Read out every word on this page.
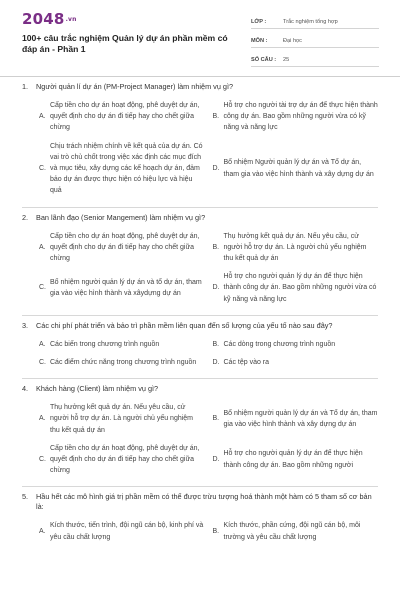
2048.vn
100+ câu trắc nghiệm Quản lý dự án phần mềm có đáp án - Phần 1
LỚP :	Trắc nghiệm tổng hợp
MÔN :	Đại học
SỐ CÂU :	25
1.	Người quản lí dự án (PM-Project Manager) làm nhiệm vụ gì?
A.
Cấp tiền cho dự án hoạt động, phê duyệt dự án, quyết định cho dự án đi tiếp hay cho chết giữa chừng
B.
Hỗ trợ cho người tài trợ dự án để thực hiện thành công dự án. Bao gồm những người vừa có kỹ năng và năng lực
C.
Chịu trách nhiệm chính về kết quả của dự án. Có vai trò chủ chốt trong việc xác định các mục đích và mục tiêu, xây dựng các kế hoạch dự án, đảm bảo dự án được thực hiện có hiệu lực và hiệu quả
D.
Bổ nhiệm Người quản lý dự án và Tổ dự án, tham gia vào việc hình thành và xây dựng dự án
2.	Ban lãnh đạo (Senior Mangement) làm nhiệm vụ gì?
A.
Cấp tiền cho dự án hoạt động, phê duyệt dự án, quyết định cho dự án đi tiếp hay cho chết giữa chừng
B.
Thụ hưởng kết quả dự án. Nếu yêu cầu, cử người hỗ trợ dự án. Là người chủ yếu nghiệm thu kết quả dự án
C.
Bổ nhiệm người quản lý dự án và tổ dự án, tham gia vào việc hình thành và xâydựng dự án
D.
Hỗ trợ cho người quản lý dự án để thực hiện thành công dự án. Bao gồm những người vừa có kỹ năng và năng lực
3.	Các chi phí phát triển và bảo trì phần mềm liên quan đến số lượng của yếu tố nào sau đây?
A. Các biến trong chương trình nguồn	B. Các dòng trong chương trình nguồn
C. Các điểm chức năng trong chương trình nguồn	D. Các tệp vào ra
4.	Khách hàng (Client) làm nhiệm vụ gì?
A.
Thụ hưởng kết quả dự án. Nếu yêu cầu, cử người hỗ trợ dự án. Là người chủ yếu nghiệm thu kết quả dự án
B.
Bổ nhiệm người quản lý dự án và Tổ dự án, tham gia vào việc hình thành và xây dựng dự án
C.
Cấp tiền cho dự án hoạt động, phê duyệt dự án, quyết định cho dự án đi tiếp hay cho chết giữa chừng
D.
Hỗ trợ cho người quản lý dự án để thực hiện thành công dự án. Bao gồm những người
5.	Hầu hết các mô hình giá trị phần mềm có thể được trừu tượng hoá thành một hàm có 5 tham số cơ bản là:
A.
Kích thước, tiến trình, đội ngũ cán bộ, kinh phí và yêu cầu chất lượng
B.
Kích thước, phần cứng, đội ngũ cán bộ, môi trường và yêu cầu chất lượng
